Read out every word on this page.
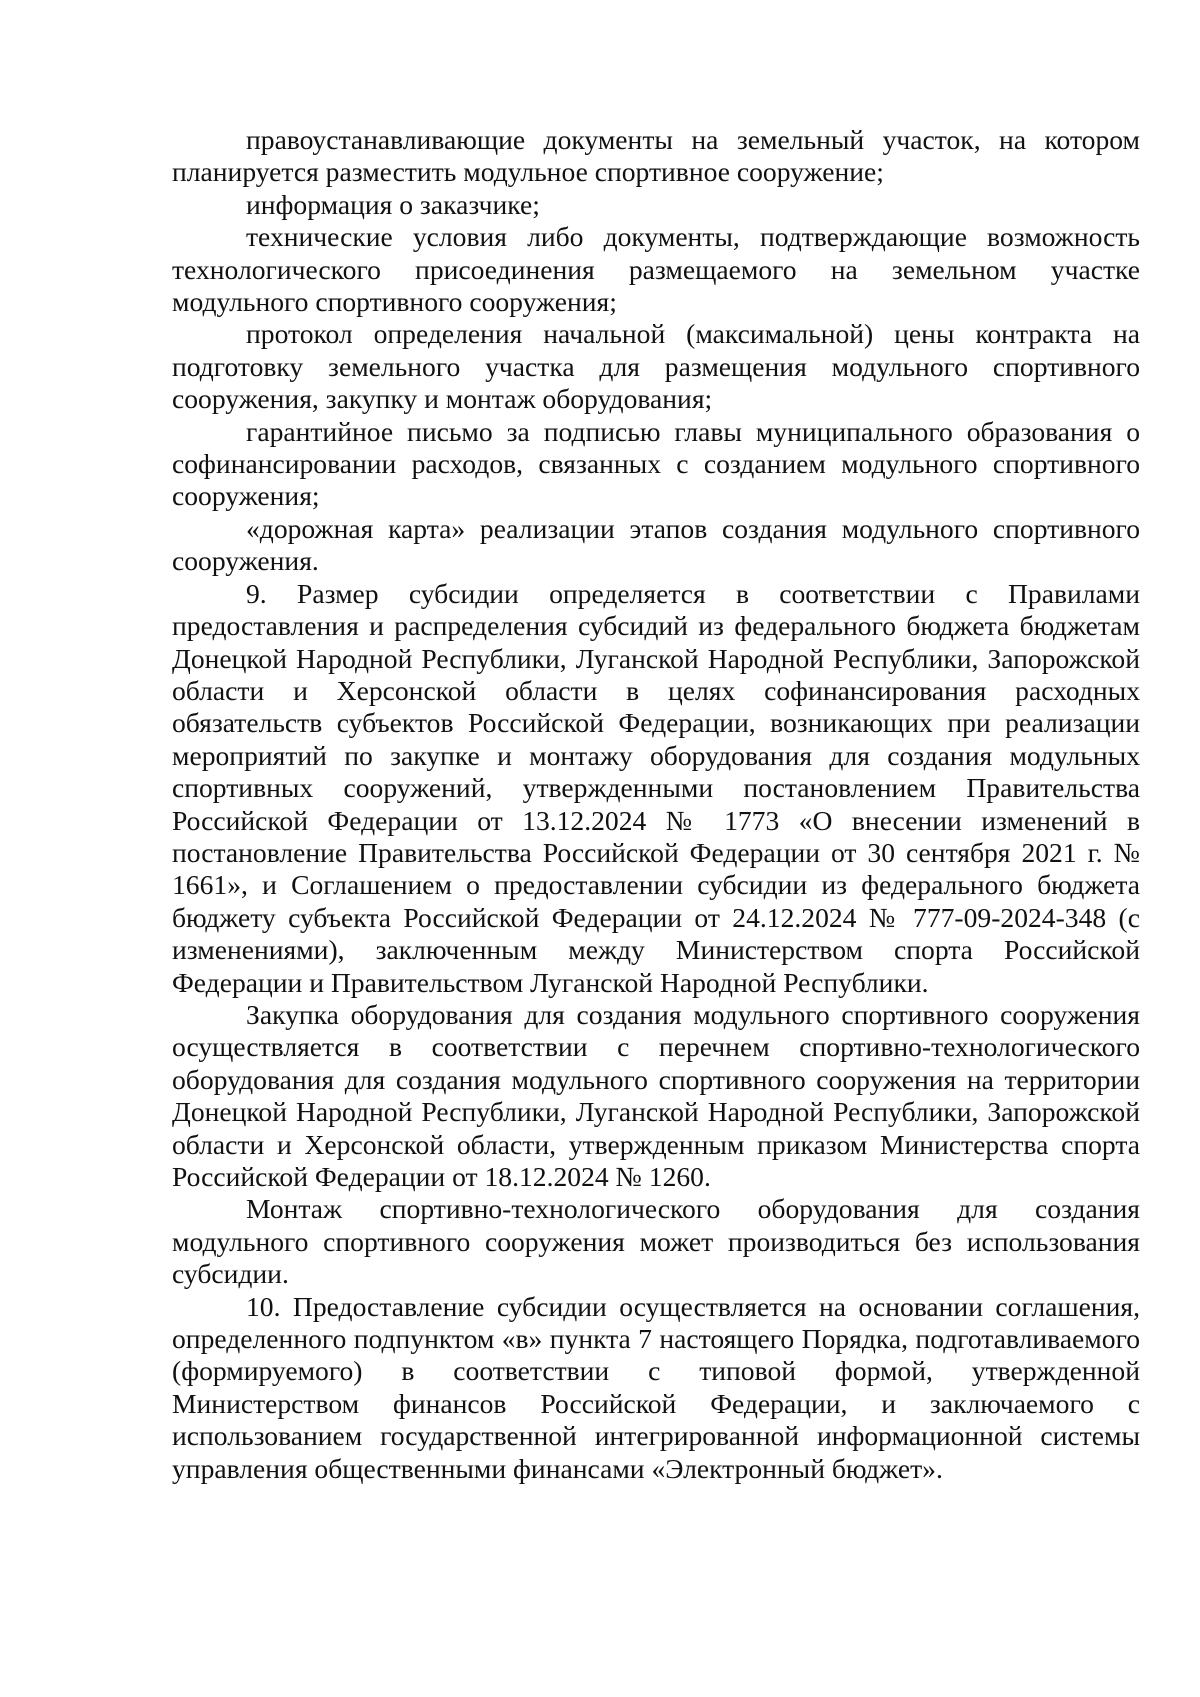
правоустанавливающие документы на земельный участок, на котором планируется разместить модульное спортивное сооружение;

информация о заказчике;

технические условия либо документы, подтверждающие возможность технологического присоединения размещаемого на земельном участке модульного спортивного сооружения;

протокол определения начальной (максимальной) цены контракта на подготовку земельного участка для размещения модульного спортивного сооружения, закупку и монтаж оборудования;

гарантийное письмо за подписью главы муниципального образования о софинансировании расходов, связанных с созданием модульного спортивного сооружения;

«дорожная карта» реализации этапов создания модульного спортивного сооружения.

9. Размер субсидии определяется в соответствии с Правилами предоставления и распределения субсидий из федерального бюджета бюджетам Донецкой Народной Республики, Луганской Народной Республики, Запорожской области и Херсонской области в целях софинансирования расходных обязательств субъектов Российской Федерации, возникающих при реализации мероприятий по закупке и монтажу оборудования для создания модульных спортивных сооружений, утвержденными постановлением Правительства Российской Федерации от 13.12.2024 № 1773 «О внесении изменений в постановление Правительства Российской Федерации от 30 сентября 2021 г. № 1661», и Соглашением о предоставлении субсидии из федерального бюджета бюджету субъекта Российской Федерации от 24.12.2024 № 777-09-2024-348 (с изменениями), заключенным между Министерством спорта Российской Федерации и Правительством Луганской Народной Республики.

Закупка оборудования для создания модульного спортивного сооружения осуществляется в соответствии с перечнем спортивно-технологического оборудования для создания модульного спортивного сооружения на территории Донецкой Народной Республики, Луганской Народной Республики, Запорожской области и Херсонской области, утвержденным приказом Министерства спорта Российской Федерации от 18.12.2024 № 1260.

Монтаж спортивно-технологического оборудования для создания модульного спортивного сооружения может производиться без использования субсидии.

10. Предоставление субсидии осуществляется на основании соглашения, определенного подпунктом «в» пункта 7 настоящего Порядка, подготавливаемого (формируемого) в соответствии с типовой формой, утвержденной Министерством финансов Российской Федерации, и заключаемого с использованием государственной интегрированной информационной системы управления общественными финансами «Электронный бюджет».
